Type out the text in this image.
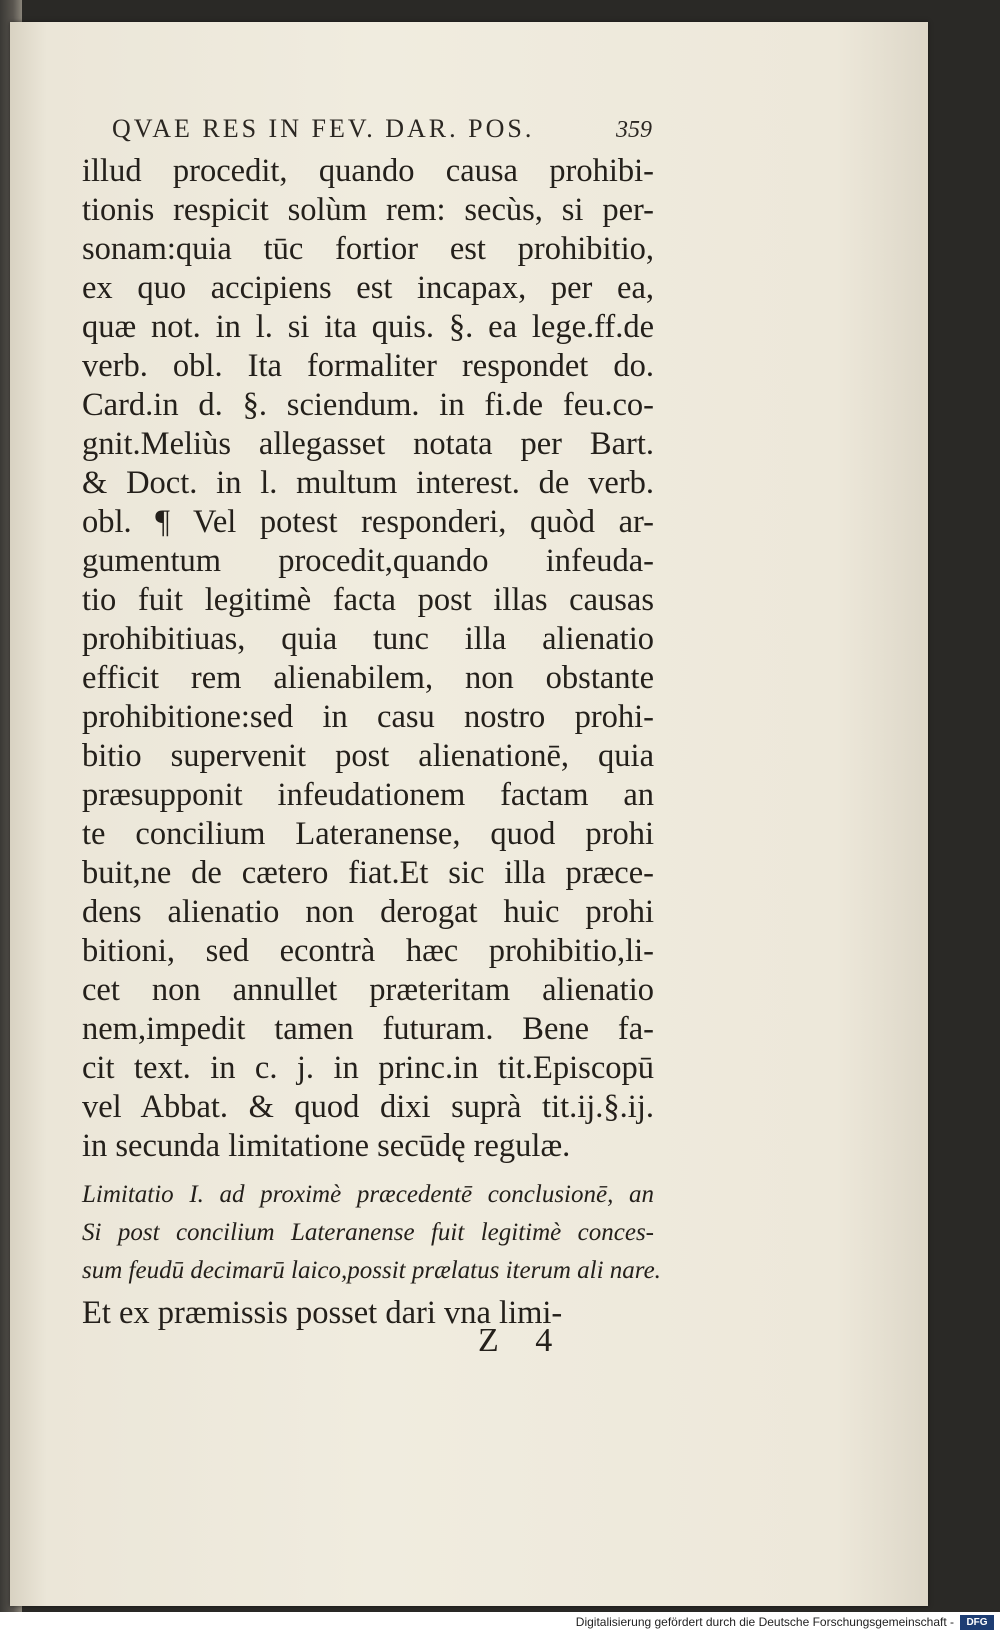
QVAE RES IN FEV. DAR. POS.	359
illud procedit, quando causa prohibi-
tionis respicit solùm rem: secùs, si per-
sonam:quia tūc fortior est prohibitio,
ex quo accipiens est incapax, per ea,
quæ not. in l. si ita quis. §. ea lege.ff.de
verb. obl. Ita formaliter respondet do.
Card.in d. §. sciendum. in fi.de feu.co-
gnit.Meliùs allegasset notata per Bart.
& Doct. in l. multum interest. de verb.
obl. ¶ Vel potest responderi, quòd ar-
gumentum procedit,quando infeuda-
tio fuit legitimè facta post illas causas
prohibitiuas, quia tunc illa alienatio
efficit rem alienabilem, non obstante
prohibitione:sed in casu nostro prohi-
bitio supervenit post alienationē, quia
præsupponit infeudationem factam an
te concilium Lateranense, quod prohi
buit,ne de cætero fiat.Et sic illa præce-
dens alienatio non derogat huic prohi
bitioni, sed econtrà hæc prohibitio,li-
cet non annullet præteritam alienatio
nem,impedit tamen futuram. Bene fa-
cit text. in c. j. in princ.in tit.Episcopū
vel Abbat. & quod dixi suprà tit.ij.§.ij.
in secunda limitatione secūdę regulæ.
Limitatio I. ad proximè præcedentē conclusionē, an
Si post concilium Lateranense fuit legitimè conces-
sum feudū decimarū laico,possit prælatus iterum ali nare.
Et ex præmissis posset dari vna limi-
Z 4
Digitalisierung gefördert durch die Deutsche Forschungsgemeinschaft -	DFG
